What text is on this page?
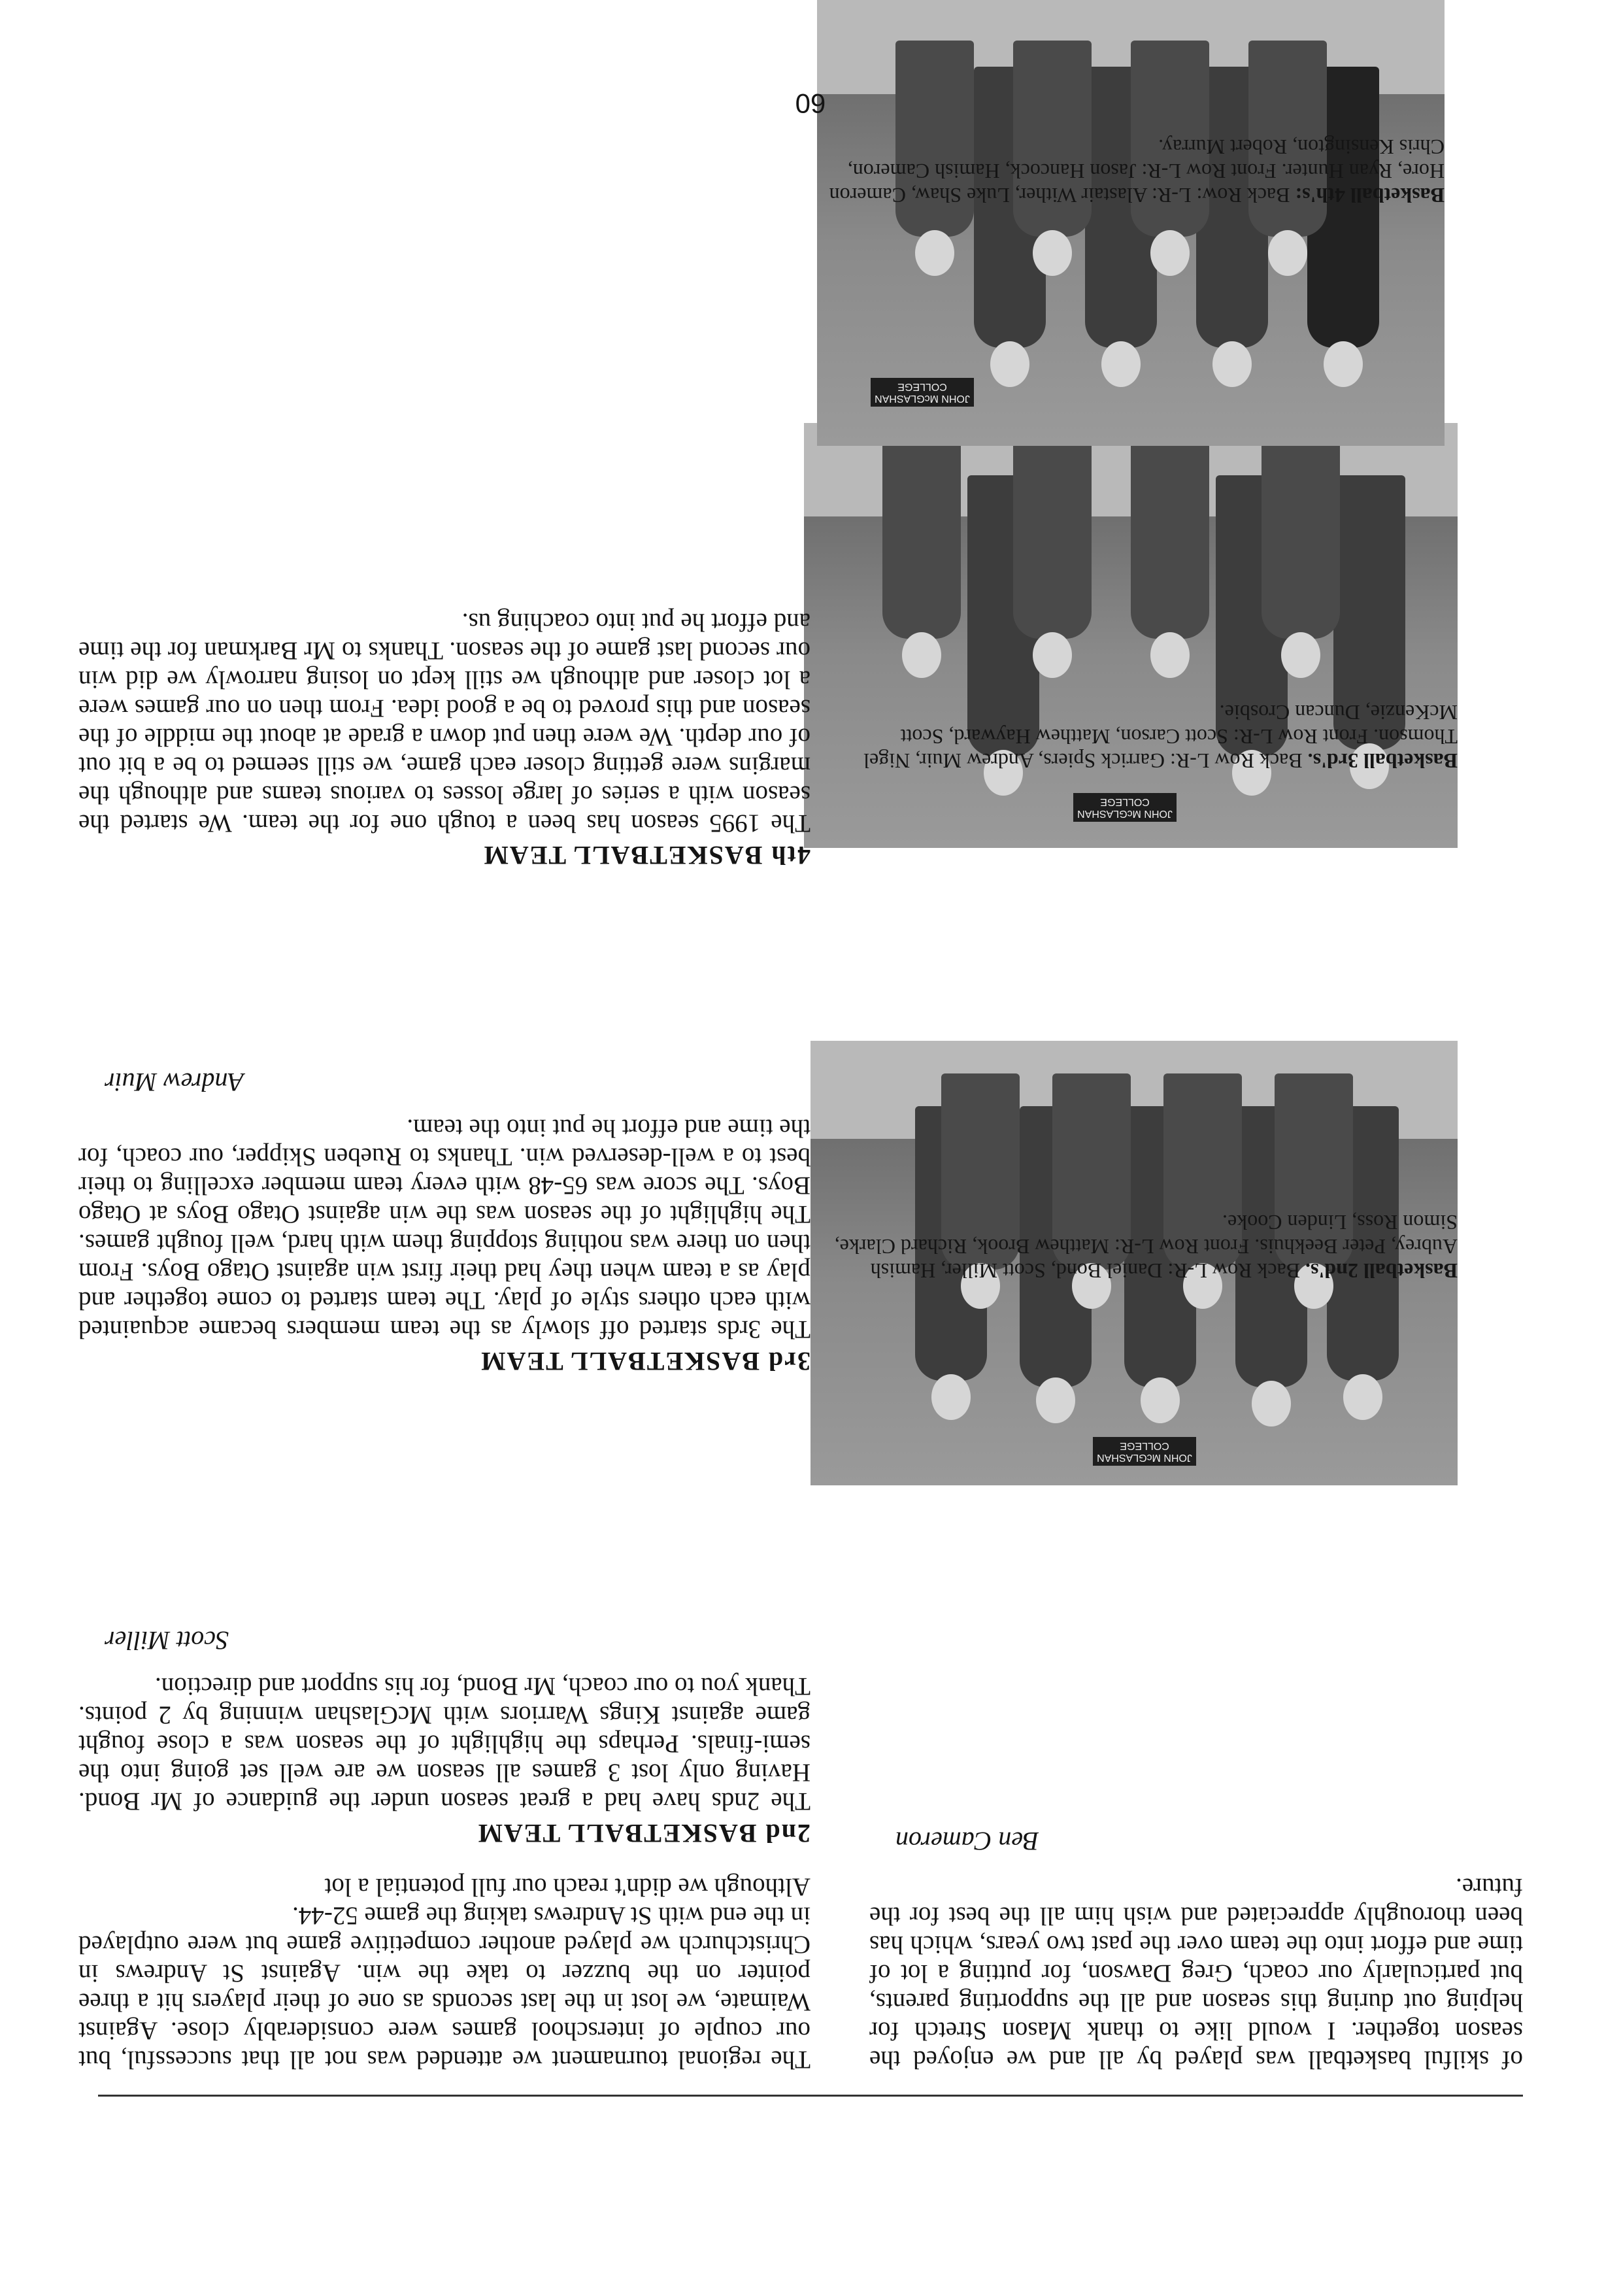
of skilful basketball was played by all and we enjoyed the season together. I would like to thank Mason Stretch for helping out during this season and all the supporting parents, but particularly our coach, Greg Dawson, for putting a lot of time and effort into the team over the past two years, which has been thoroughly appreciated and wish him all the best for the future.

Ben Cameron

JOHN McGLASHAN COLLEGE

Basketball 2nd's. Back Row L-R: Daniel Bond, Scott Miller, Hamish Aubrey, Peter Beekhuis. Front Row L-R: Matthew Brook, Richard Clarke, Simon Ross, Linden Cooke.

JOHN McGLASHAN COLLEGE

Basketball 3rd's. Back Row L-R: Garrick Spiers, Andrew Muir, Nigel Thomson. Front Row L-R: Scott Carson, Matthew Hayward, Scott McKenzie, Duncan Crosbie.

JOHN McGLASHAN COLLEGE

Basketball 4th's: Back Row: L-R: Alastair Wither, Luke Shaw, Cameron Hore, Ryan Hunter. Front Row L-R: Jason Hancock, Hamish Cameron, Chris Kensington, Robert Murray.

The regional tournament we attended was not all that successful, but our couple of interschool games were considerably close. Against Waimate, we lost in the last seconds as one of their players hit a three pointer on the buzzer to take the win. Against St Andrews in Christchurch we played another competitive game but were outplayed in the end with St Andrews taking the game 52-44.

Although we didn't reach our full potential a lot

2nd BASKETBALL TEAM

The 2nds have had a great season under the guidance of Mr Bond. Having only lost 3 games all season we are well set going into the semi-finals. Perhaps the highlight of the season was a close fought game against Kings Warriors with McGlashan winning by 2 points. Thank you to our coach, Mr Bond, for his support and direction.

Scott Miller

3rd BASKETBALL TEAM

The 3rds started off slowly as the team members became acquainted with each others style of play. The team started to come together and play as a team when they had their first win against Otago Boys. From then on there was nothing stopping them with hard, well fought games. The highlight of the season was the win against Otago Boys at Otago Boys. The score was 65-48 with every team member excelling to their best to a well-deserved win. Thanks to Rueben Skipper, our coach, for the time and effort he put into the team.

Andrew Muir

4th BASKETBALL TEAM

The 1995 season has been a tough one for the team. We started the season with a series of large losses to various teams and although the margins were getting closer each game, we still seemed to be a bit out of our depth. We were then put down a grade at about the middle of the season and this proved to be a good idea. From then on our games were a lot closer and although we still kept on losing narrowly we did win our second last game of the season. Thanks to Mr Barkman for the time and effort he put into coaching us.

60
